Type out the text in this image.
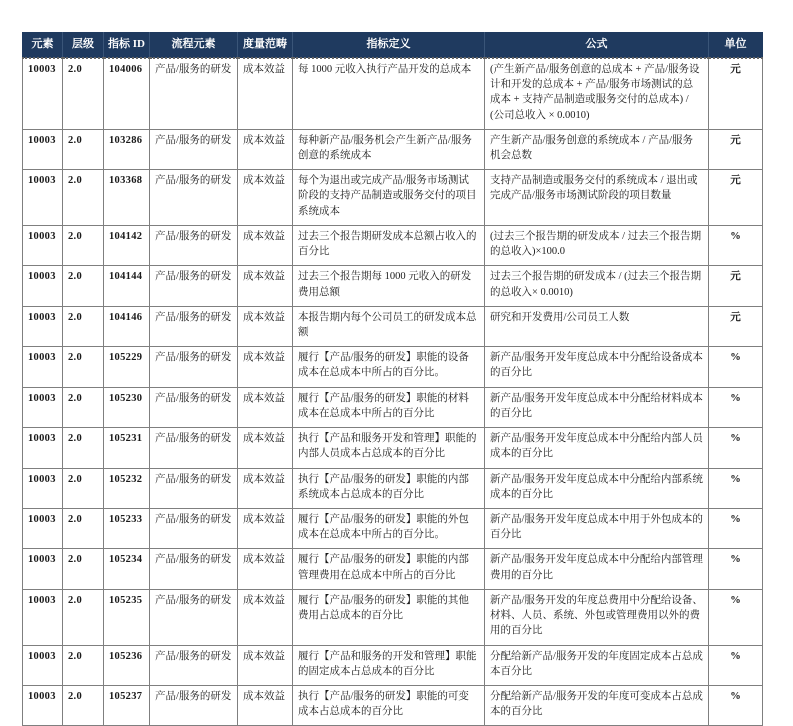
元素	层级	指标 ID	流程元素	度量范畴	指标定义	公式	单位
10003	2.0	104006	产品/服务的研发	成本效益	每 1000 元收入执行产品开发的总成本	(产生新产品/服务创意的总成本 + 产品/服务设计和开发的总成本 + 产品/服务市场测试的总成本 + 支持产品制造或服务交付的总成本) / (公司总收入 × 0.0010)	元
10003	2.0	103286	产品/服务的研发	成本效益	每种新产品/服务机会产生新产品/服务创意的系统成本	产生新产品/服务创意的系统成本 / 产品/服务机会总数	元
10003	2.0	103368	产品/服务的研发	成本效益	每个为退出或完成产品/服务市场测试阶段的支持产品制造或服务交付的项目系统成本	支持产品制造或服务交付的系统成本 / 退出或完成产品/服务市场测试阶段的项目数量	元
10003	2.0	104142	产品/服务的研发	成本效益	过去三个报告期研发成本总额占收入的百分比	(过去三个报告期的研发成本 / 过去三个报告期的总收入)×100.0	%
10003	2.0	104144	产品/服务的研发	成本效益	过去三个报告期每 1000 元收入的研发费用总额	过去三个报告期的研发成本 / (过去三个报告期的总收入× 0.0010)	元
10003	2.0	104146	产品/服务的研发	成本效益	本报告期内每个公司员工的研发成本总额	研究和开发费用/公司员工人数	元
10003	2.0	105229	产品/服务的研发	成本效益	履行【产品/服务的研发】职能的设备成本在总成本中所占的百分比。	新产品/服务开发年度总成本中分配给设备成本的百分比	%
10003	2.0	105230	产品/服务的研发	成本效益	履行【产品/服务的研发】职能的材料成本在总成本中所占的百分比	新产品/服务开发年度总成本中分配给材料成本的百分比	%
10003	2.0	105231	产品/服务的研发	成本效益	执行【产品和服务开发和管理】职能的内部人员成本占总成本的百分比	新产品/服务开发年度总成本中分配给内部人员成本的百分比	%
10003	2.0	105232	产品/服务的研发	成本效益	执行【产品/服务的研发】职能的内部系统成本占总成本的百分比	新产品/服务开发年度总成本中分配给内部系统成本的百分比	%
10003	2.0	105233	产品/服务的研发	成本效益	履行【产品/服务的研发】职能的外包成本在总成本中所占的百分比。	新产品/服务开发年度总成本中用于外包成本的百分比	%
10003	2.0	105234	产品/服务的研发	成本效益	履行【产品/服务的研发】职能的内部管理费用在总成本中所占的百分比	新产品/服务开发年度总成本中分配给内部管理费用的百分比	%
10003	2.0	105235	产品/服务的研发	成本效益	履行【产品/服务的研发】职能的其他费用占总成本的百分比	新产品/服务开发的年度总费用中分配给设备、材料、人员、系统、外包或管理费用以外的费用的百分比	%
10003	2.0	105236	产品/服务的研发	成本效益	履行【产品和服务的开发和管理】职能的固定成本占总成本的百分比	分配给新产品/服务开发的年度固定成本占总成本百分比	%
10003	2.0	105237	产品/服务的研发	成本效益	执行【产品/服务的研发】职能的可变成本占总成本的百分比	分配给新产品/服务开发的年度可变成本占总成本的百分比	%
